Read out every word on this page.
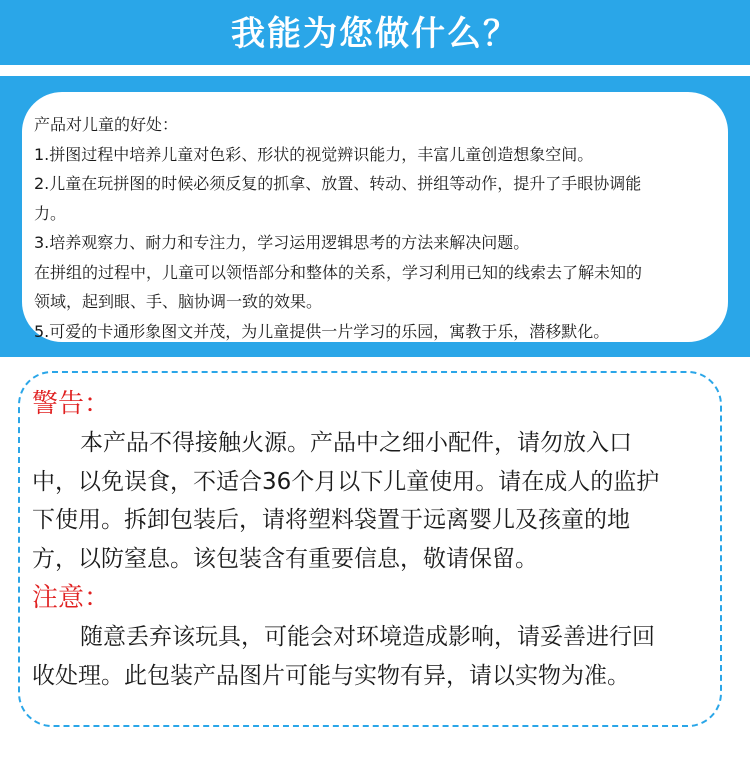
我能为您做什么？
产品对儿童的好处：
1.拼图过程中培养儿童对色彩、形状的视觉辨识能力，丰富儿童创造想象空间。
2.儿童在玩拼图的时候必须反复的抓拿、放置、转动、拼组等动作，提升了手眼协调能
力。
3.培养观察力、耐力和专注力，学习运用逻辑思考的方法来解决问题。
在拼组的过程中，儿童可以领悟部分和整体的关系，学习利用已知的线索去了解未知的
领域，起到眼、手、脑协调一致的效果。
5.可爱的卡通形象图文并茂，为儿童提供一片学习的乐园，寓教于乐，潜移默化。
警告：
本产品不得接触火源。产品中之细小配件，请勿放入口
中，以免误食，不适合36个月以下儿童使用。请在成人的监护
下使用。拆卸包装后，请将塑料袋置于远离婴儿及孩童的地
方，以防窒息。该包装含有重要信息，敬请保留。
注意：
随意丢弃该玩具，可能会对环境造成影响，请妥善进行回
收处理。此包装产品图片可能与实物有异，请以实物为准。
